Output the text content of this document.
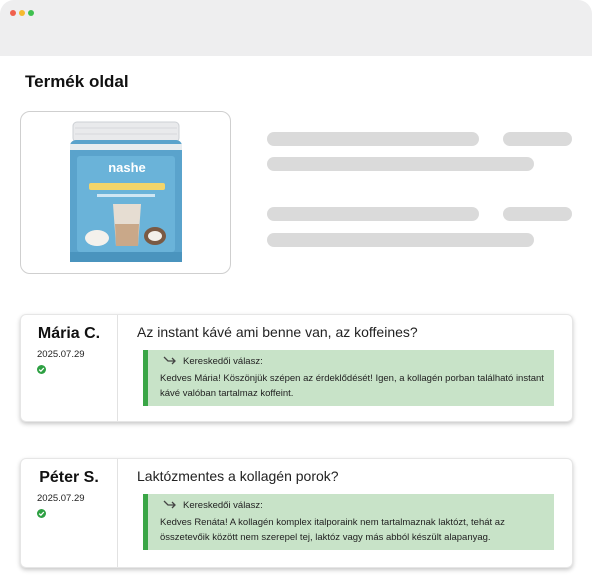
Termék oldal
nashe
Mária C.
2025.07.29
Az instant kávé ami benne van, az koffeines?
Kereskedői válasz:
Kedves Mária! Köszönjük szépen az érdeklődését! Igen, a kollagén porban található instant kávé valóban tartalmaz koffeint.
Péter S.
2025.07.29
Laktózmentes a kollagén porok?
Kereskedői válasz:
Kedves Renáta! A kollagén komplex italporaink nem tartalmaznak laktózt, tehát az összetevőik között nem szerepel tej, laktóz vagy más abból készült alapanyag.
